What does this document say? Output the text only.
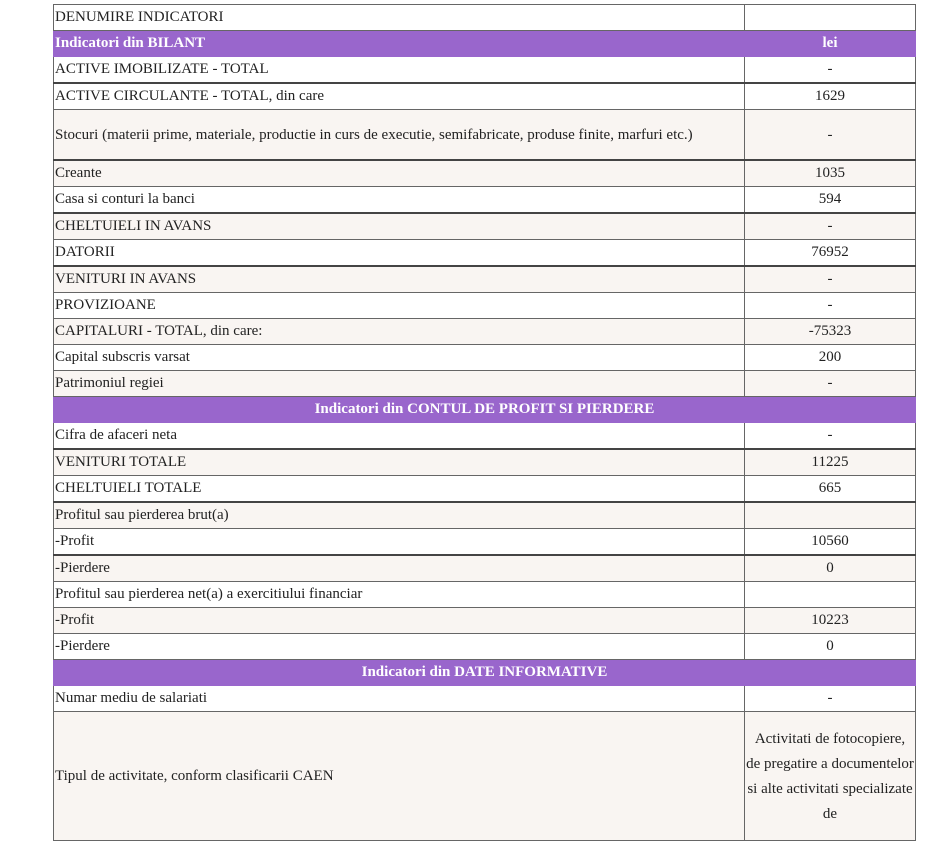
DENUMIRE INDICATORI	
Indicatori din BILANT	lei
ACTIVE IMOBILIZATE - TOTAL	-
ACTIVE CIRCULANTE - TOTAL, din care	1629
Stocuri (materii prime, materiale, productie in curs de executie, semifabricate, produse finite, marfuri etc.)	-
Creante	1035
Casa si conturi la banci	594
CHELTUIELI IN AVANS	-
DATORII	76952
VENITURI IN AVANS	-
PROVIZIOANE	-
CAPITALURI - TOTAL, din care:	-75323
Capital subscris varsat	200
Patrimoniul regiei	-
Indicatori din CONTUL DE PROFIT SI PIERDERE	
Cifra de afaceri neta	-
VENITURI TOTALE	11225
CHELTUIELI TOTALE	665
Profitul sau pierderea brut(a)	
-Profit	10560
-Pierdere	0
Profitul sau pierderea net(a) a exercitiului financiar	
-Profit	10223
-Pierdere	0
Indicatori din DATE INFORMATIVE	
Numar mediu de salariati	-
Tipul de activitate, conform clasificarii CAEN	Activitati de fotocopiere, de pregatire a documentelor si alte activitati specializate de
